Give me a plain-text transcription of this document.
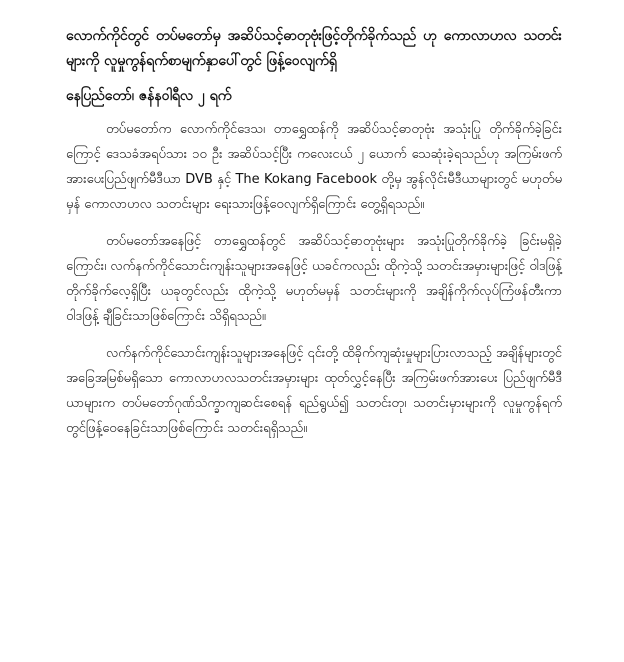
လောက်ကိုင်တွင် တပ်မတော်မှ အဆိပ်သင့်ဓာတုဗုံးဖြင့်တိုက်ခိုက်သည် ဟု ကောလာဟလ သတင်းများကို လူမှုကွန်ရက်စာမျက်နှာပေါ်တွင် ဖြန့်ဝေလျက်ရှိ

နေပြည်တော်၊ ဇန်နဝါရီလ ၂ ရက်

တပ်မတော်က လောက်ကိုင်ဒေသ၊ တာရွှေထန်ကို အဆိပ်သင့်ဓာတုဗုံး အသုံးပြု တိုက်ခိုက်ခဲ့ခြင်းကြောင့် ဒေသခံအရပ်သား ၁၀ ဦး အဆိပ်သင့်ပြီး ကလေးငယ် ၂ ယောက် သေဆုံးခဲ့ရသည်ဟု အကြမ်းဖက်အားပေးပြည်ဖျက်မီဒီယာ DVB နှင့် The Kokang Facebook တို့မှ အွန်လိုင်းမီဒီယာများတွင် မဟုတ်မမှန် ကောလာဟလ သတင်းများ ရေးသားဖြန့်ဝေလျက်ရှိကြောင်း တွေ့ရှိရသည်။

တပ်မတော်အနေဖြင့် တာရွှေထန်တွင် အဆိပ်သင့်ဓာတုဗုံးများ အသုံးပြုတိုက်ခိုက်ခဲ့ ခြင်းမရှိခဲ့ကြောင်း၊ လက်နက်ကိုင်သောင်းကျန်းသူများအနေဖြင့် ယခင်ကလည်း ထိုကဲ့သို့ သတင်းအမှားများဖြင့် ဝါဒဖြန့်တိုက်ခိုက်လေ့ရှိပြီး ယခုတွင်လည်း ထိုကဲ့သို့ မဟုတ်မမှန် သတင်းများကို အချိန်ကိုက်လုပ်ကြံဖန်တီးကာ ဝါဒဖြန့် ချီခြင်းသာဖြစ်ကြောင်း သိရှိရသည်။

လက်နက်ကိုင်သောင်းကျန်းသူများအနေဖြင့် ၎င်းတို့ ထိခိုက်ကျဆုံးမှုများပြားလာသည့် အချိန်များတွင် အခြေအမြစ်မရှိသော ကောလာဟလသတင်းအမှားများ ထုတ်လွှင့်နေပြီး အကြမ်းဖက်အားပေး ပြည်ဖျက်မီဒီယာများက တပ်မတော်ဂုဏ်သိက္ခာကျဆင်းစေရန် ရည်ရွယ်၍ သတင်းတု၊ သတင်းမှားများကို လူမှုကွန်ရက်တွင်ဖြန့်ဝေနေခြင်းသာဖြစ်ကြောင်း သတင်းရရှိသည်။
